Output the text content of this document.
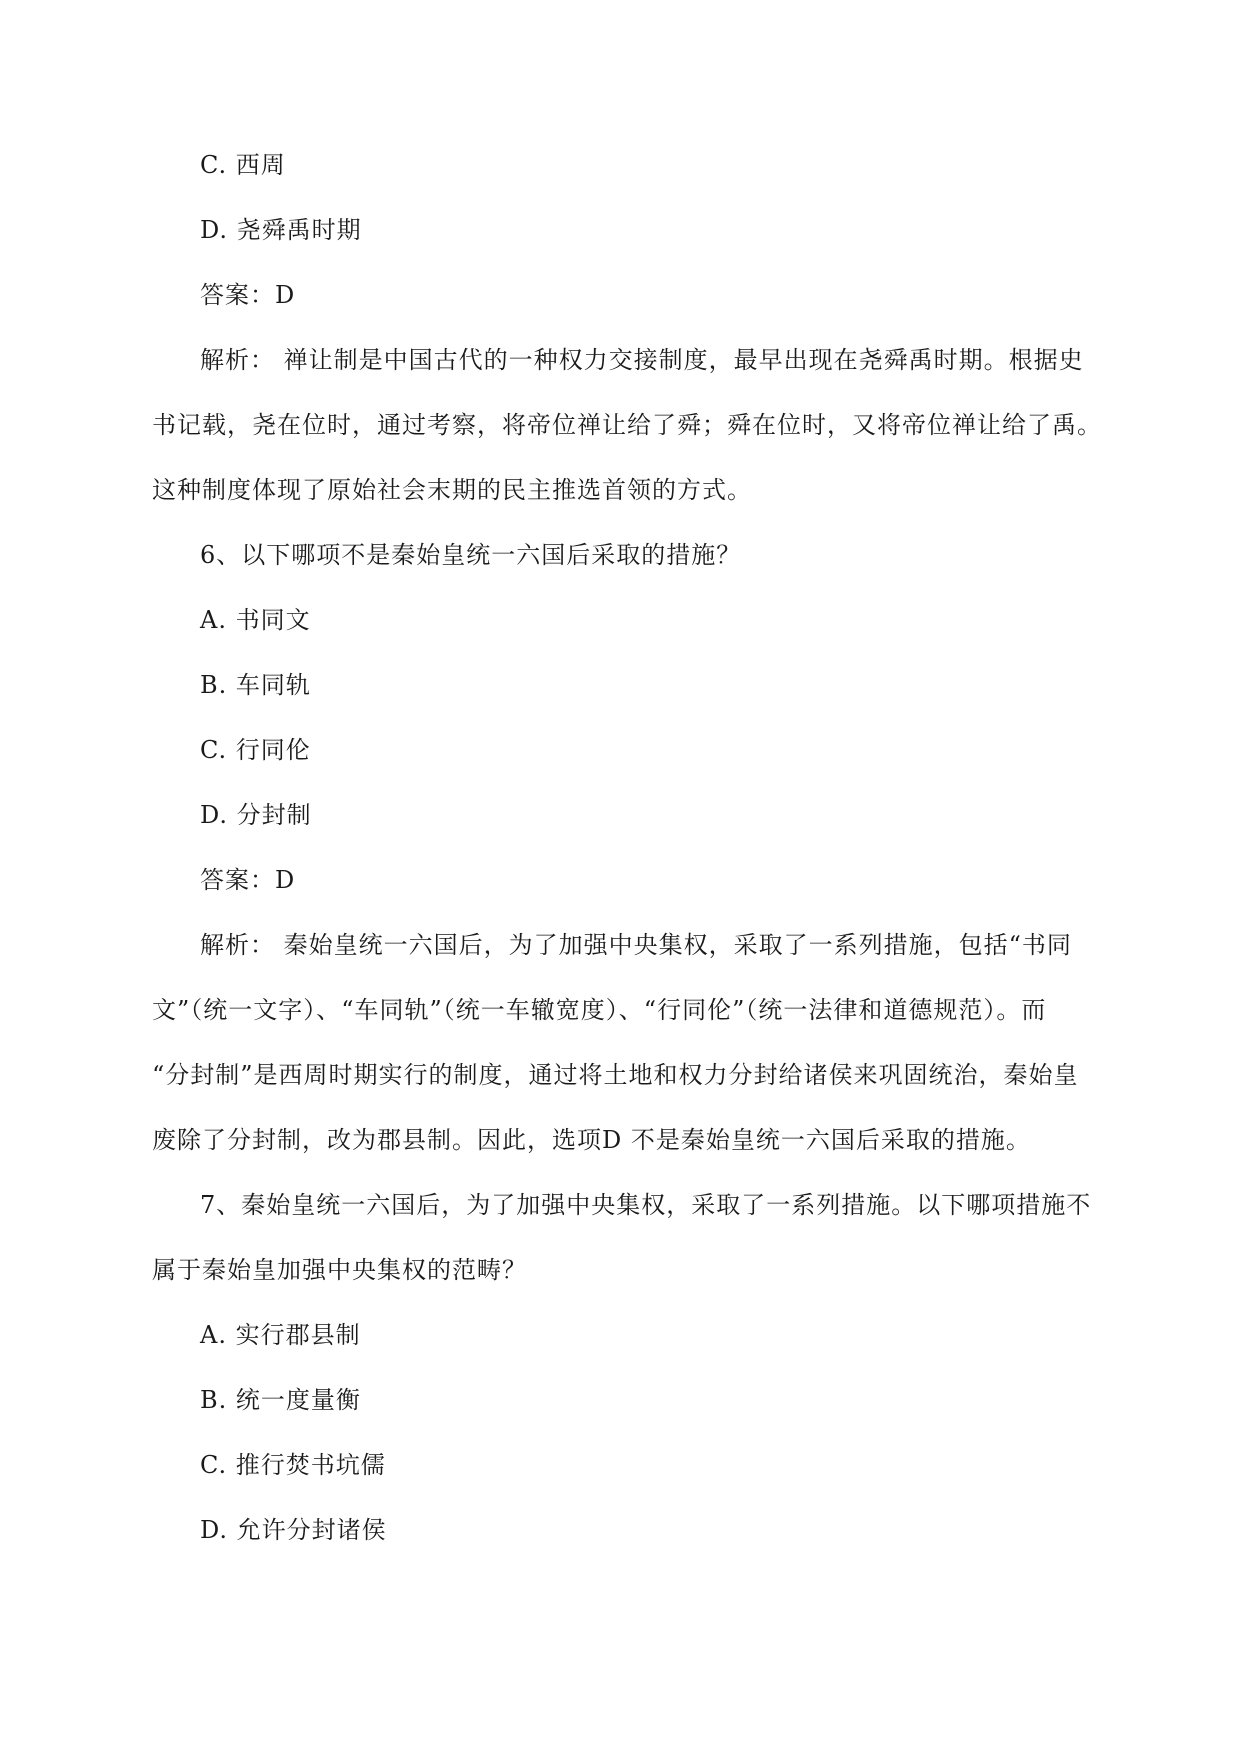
C. 西周
D. 尧舜禹时期
答案：D
解析： 禅让制是中国古代的一种权力交接制度，最早出现在尧舜禹时期。根据史
书记载，尧在位时，通过考察，将帝位禅让给了舜；舜在位时，又将帝位禅让给了禹。
这种制度体现了原始社会末期的民主推选首领的方式。
6、以下哪项不是秦始皇统一六国后采取的措施？
A. 书同文
B. 车同轨
C. 行同伦
D. 分封制
答案：D
解析： 秦始皇统一六国后，为了加强中央集权，采取了一系列措施，包括“书同
文”（统一文字）、“车同轨”（统一车辙宽度）、“行同伦”（统一法律和道德规范）。而
“分封制”是西周时期实行的制度，通过将土地和权力分封给诸侯来巩固统治，秦始皇
废除了分封制，改为郡县制。因此，选项D 不是秦始皇统一六国后采取的措施。
7、秦始皇统一六国后，为了加强中央集权，采取了一系列措施。以下哪项措施不
属于秦始皇加强中央集权的范畴？
A. 实行郡县制
B. 统一度量衡
C. 推行焚书坑儒
D. 允许分封诸侯
